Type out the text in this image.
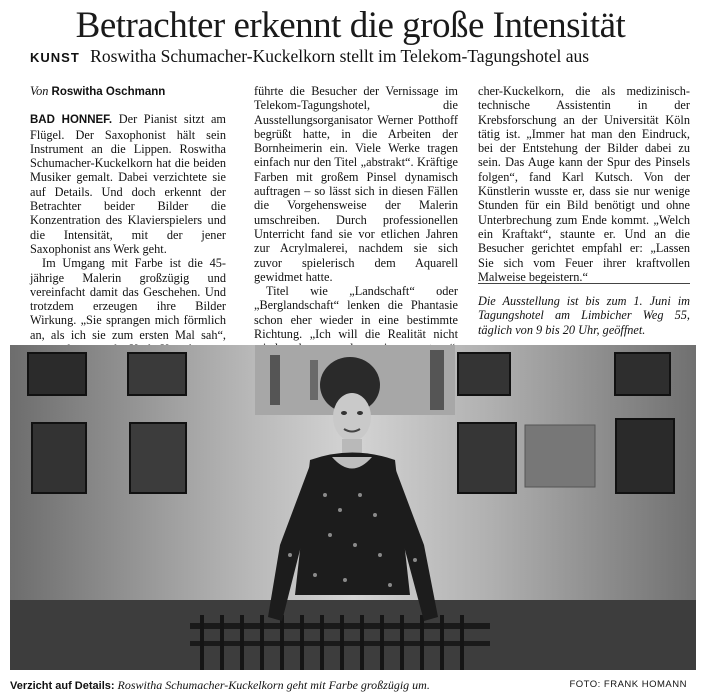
Betrachter erkennt die große Intensität
KUNST Roswitha Schumacher-Kuckelkorn stellt im Telekom-Tagungshotel aus
Von Roswitha Oschmann

BAD HONNEF. Der Pianist sitzt am Flügel. Der Saxophonist hält sein Instrument an die Lippen. Roswitha Schumacher-Kuckelkorn hat die beiden Musiker gemalt. Dabei verzichtete sie auf Details. Und doch erkennt der Betrachter beider Bilder die Konzentration des Klavierspielers und die Intensität, mit der jener Saxophonist ans Werk geht.

Im Umgang mit Farbe ist die 45-jährige Malerin großzügig und vereinfacht damit das Geschehen. Und trotzdem erzeugen ihre Bilder Wirkung. „Sie sprangen mich förmlich an, als ich sie zum ersten Mal sah“,

führte die Besucher der Vernissage im Telekom-Tagungshotel, die Ausstellungsorganisator Werner Potthoff begrüßt hatte, in die Arbeiten der Bornheimerin ein. Viele Werke tragen einfach nur den Titel „abstrakt“. Kräftige Farben mit großem Pinsel dynamisch auftragen – so lässt sich in diesen Fällen die Vorgehensweise der Malerin umschreiben. Durch professionellen Unterricht fand sie vor etlichen Jahren zur Acrylmalerei, nachdem sie sich zuvor spielerisch dem Aquarell gewidmet hatte.

Titel wie „Landschaft“ oder „Berglandschaft“ lenken die Phantasie schon eher wieder in eine bestimmte Richtung. „Ich will die Realität nicht

cher-Kuckelkorn, die als medizinisch-technische Assistentin in der Krebsforschung an der Universität Köln tätig ist. „Immer hat man den Eindruck, bei der Entstehung der Bilder dabei zu sein. Das Auge kann der Spur des Pinsels folgen“, fand Karl Kutsch. Von der Künstlerin wusste er, dass sie nur wenige Stunden für ein Bild benötigt und ohne Unterbrechung zum Ende kommt. „Welch ein Kraftakt“, staunte er. Und an die Besucher gerichtet empfahl er: „Lassen Sie sich vom Feuer ihrer kraftvollen Malweise begeistern.“

Die Ausstellung ist bis zum 1. Juni im Tagungshotel am Limbicher Weg 55, täglich von 9 bis 20 Uhr, geöffnet.
Verzicht auf Details: Roswitha Schumacher-Kuckelkorn geht mit Farbe großzügig um.	FOTO: FRANK HOMANN
